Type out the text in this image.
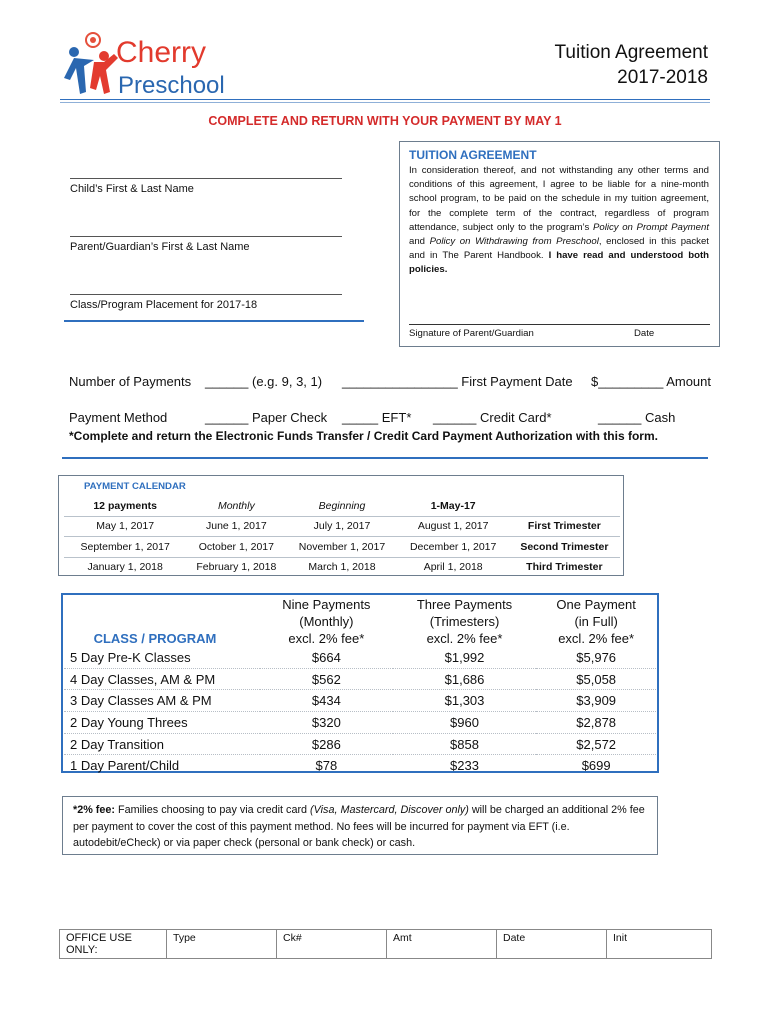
Cherry
Preschool
Tuition Agreement
2017-2018
COMPLETE AND RETURN WITH YOUR PAYMENT BY MAY 1
Child’s First & Last Name
Parent/Guardian’s First & Last Name
Class/Program Placement for 2017-18
TUITION AGREEMENT
In consideration thereof, and not withstanding any other terms and conditions of this agreement, I agree to be liable for a nine-month school program, to be paid on the schedule in my tuition agreement, for the complete term of the contract, regardless of program attendance, subject only to the program’s Policy on Prompt Payment and Policy on Withdrawing from Preschool, enclosed in this packet and in The Parent Handbook. I have read and understood both policies.
Signature of Parent/Guardian	Date
Number of Payments ______ (e.g. 9, 3, 1) ________________ First Payment Date $_________ Amount
Payment Method	______ Paper Check _____ EFT* ______ Credit Card*	______ Cash
*Complete and return the Electronic Funds Transfer / Credit Card Payment Authorization with this form.
PAYMENT CALENDAR
12 payments	Monthly	Beginning	1-May-17	
May 1, 2017	June 1, 2017	July 1, 2017	August 1, 2017	First Trimester
September 1, 2017	October 1, 2017	November 1, 2017	December 1, 2017	Second Trimester
January 1, 2018	February 1, 2018	March 1, 2018	April 1, 2018	Third Trimester
CLASS / PROGRAM	Nine Payments	Three Payments	One Payment
	(Monthly)	(Trimesters)	(in Full)
	excl. 2% fee*	excl. 2% fee*	excl. 2% fee*
5 Day Pre-K Classes	$664	$1,992	$5,976
4 Day Classes, AM & PM	$562	$1,686	$5,058
3 Day Classes AM & PM	$434	$1,303	$3,909
2 Day Young Threes	$320	$960	$2,878
2 Day Transition	$286	$858	$2,572
1 Day Parent/Child	$78	$233	$699
*2% fee: Families choosing to pay via credit card (Visa, Mastercard, Discover only) will be charged an additional 2% fee per payment to cover the cost of this payment method. No fees will be incurred for payment via EFT (i.e. autodebit/eCheck) or via paper check (personal or bank check) or cash.
OFFICE USE ONLY:	Type	Ck#	Amt	Date	Init
